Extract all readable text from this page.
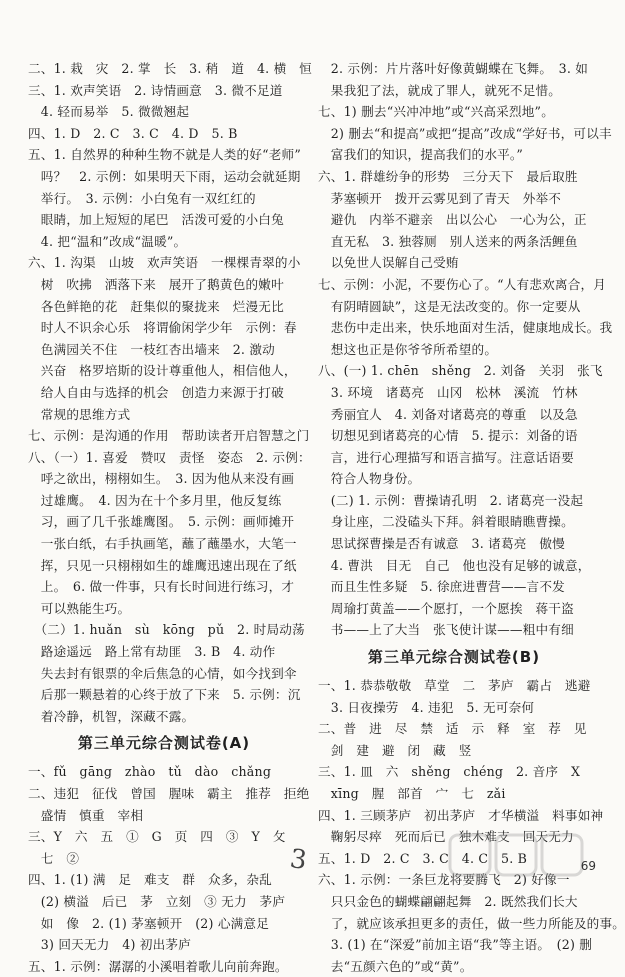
二、1. 栽　灾　2. 掌　长　3. 稍　道　4. 横　恒
三、1. 欢声笑语　2. 诗情画意　3. 微不足道
　4. 轻而易举　5. 微微翘起
四、1. D　2. C　3. C　4. D　5. B
五、1. 自然界的种种生物不就是人类的好“老师”
　吗？　2. 示例：如果明天下雨，运动会就延期
　举行。　3. 示例：小白兔有一双红红的
　眼睛，加上短短的尾巴　活泼可爱的小白兔
　4. 把“温和”改成“温暖”。
六、1. 沟渠　山坡　欢声笑语　一棵棵青翠的小
　树　吹拂　洒落下来　展开了鹅黄色的嫩叶
　各色鲜艳的花　赶集似的聚拢来　烂漫无比
　时人不识余心乐　将谓偷闲学少年　示例：春
　色满园关不住　一枝红杏出墙来　2. 激动
　兴奋　格罗培斯的设计尊重他人，相信他人，
　给人自由与选择的机会　创造力来源于打破
　常规的思维方式
七、示例：是沟通的作用　帮助读者开启智慧之门
八、（一）1. 喜爱　赞叹　责怪　姿态　2. 示例：
　呼之欲出，栩栩如生。　3. 因为他从来没有画
　过雄鹰。　4. 因为在十个多月里，他反复练
　习，画了几千张雄鹰图。　5. 示例：画师摊开
　一张白纸，右手执画笔，蘸了蘸墨水，大笔一
　挥，只见一只栩栩如生的雄鹰迅速出现在了纸
　上。　6. 做一件事，只有长时间进行练习，才
　可以熟能生巧。
　（二）1. huǎn　sù　kōng　pǔ　2. 时局动荡
　路途遥远　路上常有劫匪　3. B　4. 动作
　失去封有银票的伞后焦急的心情，如今找到伞
　后那一颗悬着的心终于放了下来　5. 示例：沉
　着冷静，机智，深藏不露。
第三单元综合测试卷(A)
一、fǔ　gāng　zhào　tǔ　dào　chǎng
二、违犯　征伐　曾国　腥味　霸主　推荐　拒绝
　盛情　慎重　宰相
三、Y　六　五　①　G　页　四　③　Y　攵
　七　②
四、1. (1) 满　足　难支　群　众多，杂乱
　(2) 横溢　后已　茅　立刻　③ 无力　茅庐
　如　像　2. (1) 茅塞顿开　(2) 心满意足
　3) 回天无力　4) 初出茅庐
五、1. 示例：潺潺的小溪唱着歌儿向前奔跑。
　2. 示例：片片落叶好像黄蝴蝶在飞舞。　3. 如
　果我犯了法，就成了罪人，就死不足惜。
七、1) 删去“兴冲冲地”或“兴高采烈地”。
　2) 删去“和提高”或把“提高”改成“学好书，可以丰
　富我们的知识，提高我们的水平。”
六、1. 群雄纷争的形势　三分天下　最后取胜
　茅塞顿开　拨开云雾见到了青天　外举不
　避仇　内举不避亲　出以公心　一心为公，正
　直无私　3. 独蓉厕　别人送来的两条活鲤鱼
　以免世人误解自己受贿
七、示例：小泥，不要伤心了。“人有悲欢离合，月
　有阴晴圆缺”，这是无法改变的。你一定要从
　悲伤中走出来，快乐地面对生活，健康地成长。我
　想这也正是你爷爷所希望的。
八、(一) 1. chēn　shěng　2. 刘备　关羽　张飞
　3. 环境　诸葛亮　山冈　松林　溪流　竹林
　秀丽宜人　4. 刘备对诸葛亮的尊重　以及急
　切想见到诸葛亮的心情　5. 提示：刘备的语
　言，进行心理描写和语言描写。注意话语要
　符合人物身份。
　(二) 1. 示例：曹操请孔明　2. 诸葛亮一没起
　身让座，二没磕头下拜。斜着眼睛瞧曹操。
　思试探曹操是否有诚意　3. 诸葛亮　傲慢
　4. 曹洪　目无　自己　他也没有足够的诚意，
　而且生性多疑　5. 徐庶进曹营——言不发
　周瑜打黄盖——个愿打，一个愿挨　蒋干盗
　书——上了大当　张飞使计谋——粗中有细
第三单元综合测试卷(B)
一、1. 恭恭敬敬　草堂　二　茅庐　霸占　逃避
　3. 日夜操劳　4. 违犯　5. 无可奈何
二、普　进　尽　禁　适　示　释　室　荐　见
　剑　建　避　闭　藏　竖
三、1. 皿　六　shěng　chéng　2. 音序　X
　xīng　腥　部首　宀　七　zǎi
四、1. 三顾茅庐　初出茅庐　才华横溢　料事如神
　鞠躬尽瘁　死而后已　独木难支　回天无力
五、1. D　2. C　3. C　4. C　5. B
六、1. 示例：一条巨龙将要腾飞　2) 好像一
　只只金色的蝴蝶翩翩起舞　2. 既然我们长大
　了，就应该承担更多的责任，做一些力所能及的事。
　3. (1) 在“深爱”前加主语“我”等主语。　(2) 删
　去“五颜六色的”或“黄”。
3	69
